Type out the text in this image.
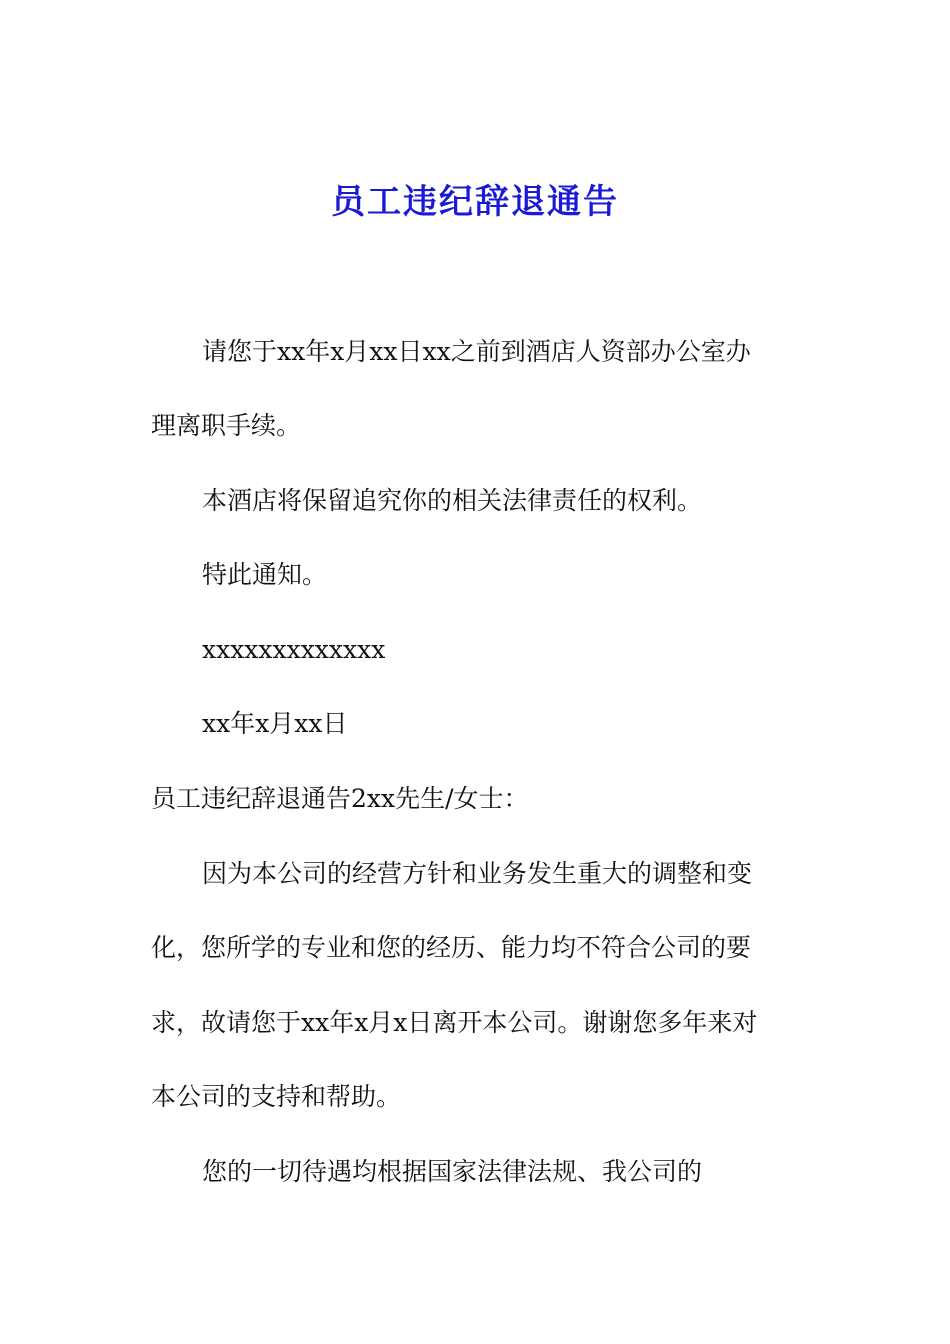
员工违纪辞退通告
请您于xx年x月xx日xx之前到酒店人资部办公室办
理离职手续。
本酒店将保留追究你的相关法律责任的权利。
特此通知。
xxxxxxxxxxxxx
xx年x月xx日
员工违纪辞退通告2xx先生/女士：
因为本公司的经营方针和业务发生重大的调整和变
化，您所学的专业和您的经历、能力均不符合公司的要
求，故请您于xx年x月x日离开本公司。谢谢您多年来对
本公司的支持和帮助。
您的一切待遇均根据国家法律法规、我公司的
